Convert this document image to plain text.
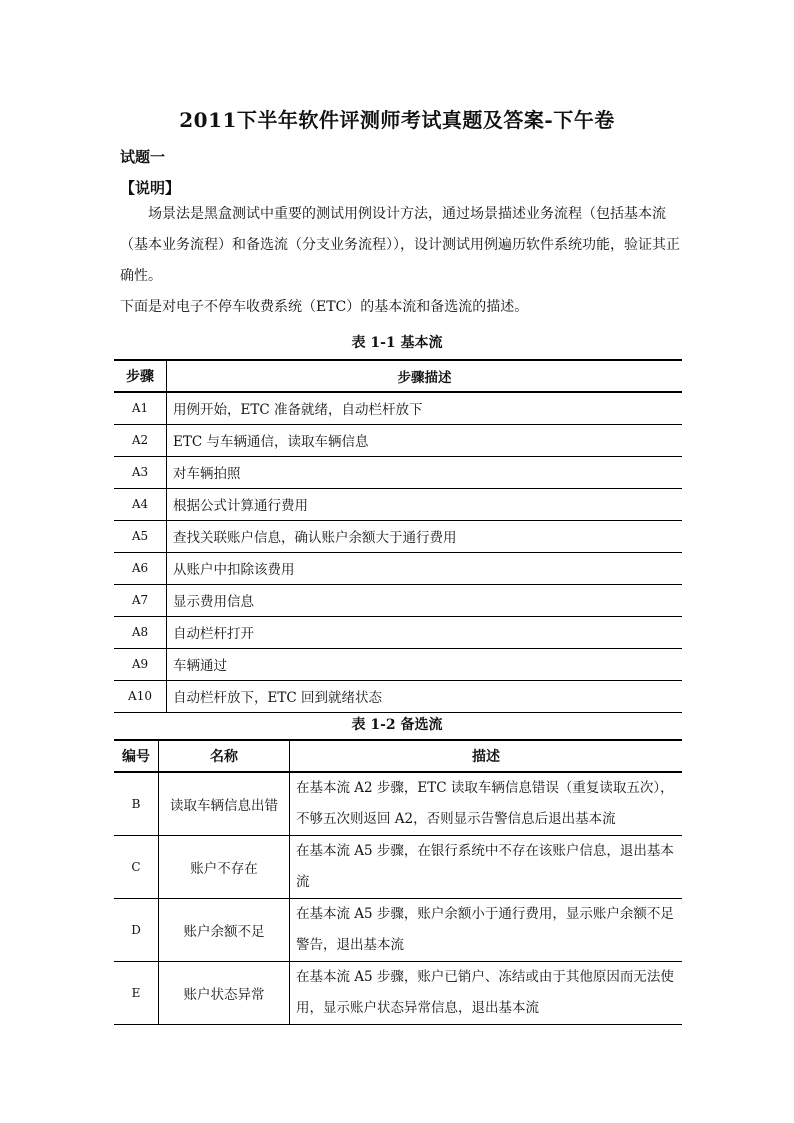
2011下半年软件评测师考试真题及答案-下午卷
试题一
【说明】

场景法是黑盒测试中重要的测试用例设计方法，通过场景描述业务流程（包括基本流（基本业务流程）和备选流（分支业务流程）），设计测试用例遍历软件系统功能，验证其正确性。

下面是对电子不停车收费系统（ETC）的基本流和备选流的描述。

表 1-1 基本流
步骤	步骤描述
A1	用例开始，ETC 准备就绪，自动栏杆放下
A2	ETC 与车辆通信，读取车辆信息
A3	对车辆拍照
A4	根据公式计算通行费用
A5	查找关联账户信息，确认账户余额大于通行费用
A6	从账户中扣除该费用
A7	显示费用信息
A8	自动栏杆打开
A9	车辆通过
A10	自动栏杆放下，ETC 回到就绪状态
表 1-2 备选流
编号	名称	描述
B	读取车辆信息出错	在基本流 A2 步骤，ETC 读取车辆信息错误（重复读取五次），不够五次则返回 A2，否则显示告警信息后退出基本流
C	账户不存在	在基本流 A5 步骤，在银行系统中不存在该账户信息，退出基本流
D	账户余额不足	在基本流 A5 步骤，账户余额小于通行费用，显示账户余额不足警告，退出基本流
E	账户状态异常	在基本流 A5 步骤，账户已销户、冻结或由于其他原因而无法使用，显示账户状态异常信息，退出基本流
